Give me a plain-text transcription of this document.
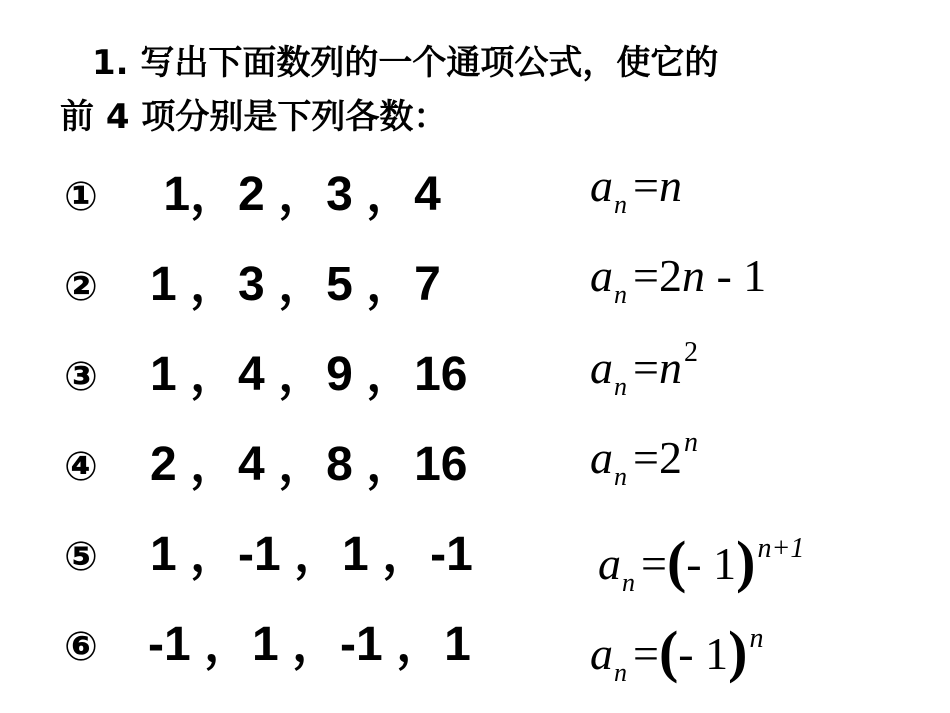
1. 写出下面数列的一个通项公式，使它的
前 4 项分别是下列各数：
① 1，2 ，3 ，4	$a_n =n$
② 1 ，3 ，5 ，7	$a_n =2n - 1$
③ 1 ，4 ，9 ，16	$a_n =n^2$
④ 2 ，4 ，8 ，16	$a_n =2^n$
⑤ 1 ，-1 ，1 ，-1	$a_n$ =(- 1)$^{n+1}$
⑥ -1 ，1 ，-1 ，1	$a_n$ =(- 1)$^n$
